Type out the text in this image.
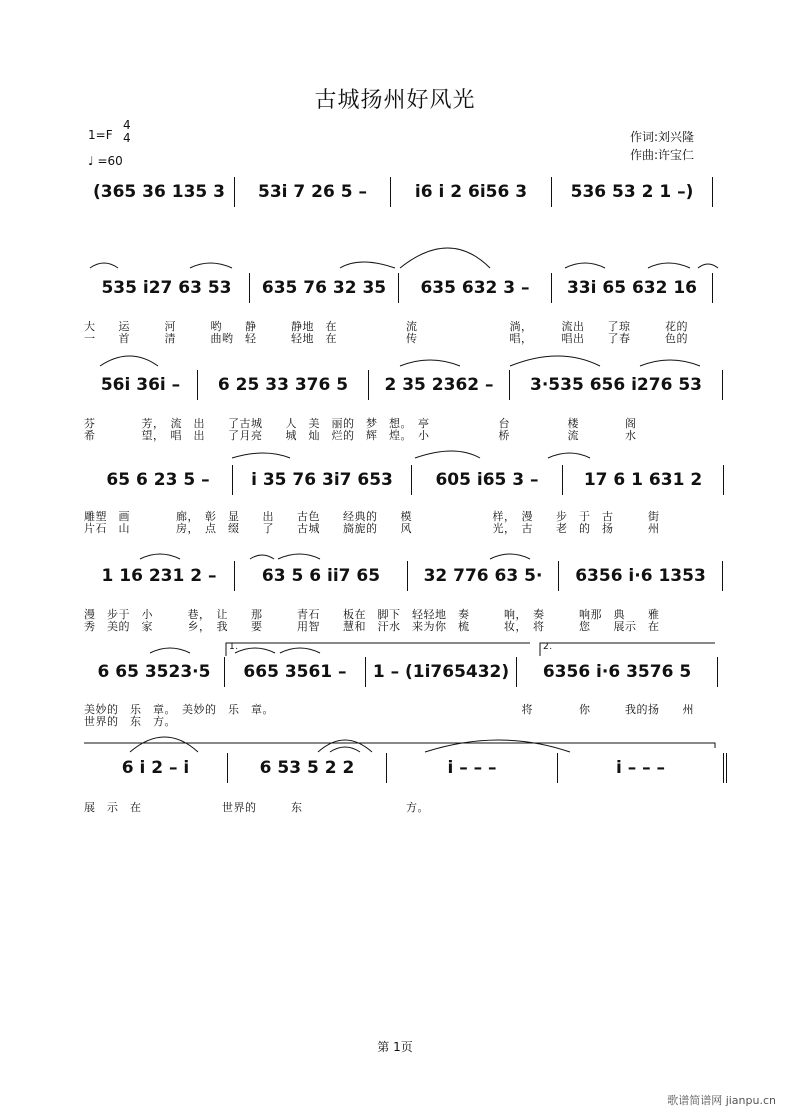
古城扬州好风光
1=F
4
4
♩ =60
作词:刘兴隆
作曲:许宝仁
(365 36 135 3	53i 7 26 5 –	i6 i 2 6i56 3	536 53 2 1 –)
535 i27 63 53	635 76 32 35	635 632 3 –	33i 65 632 16
大　　运　　　河　　　哟　　静　　　静地　在　　　　　　流　　　　　　　　淌，　　　流出　　了琼　　　花的
一　　首　　　清　　　曲哟　轻　　　轻地　在　　　　　　传　　　　　　　　唱，　　　唱出　　了春　　　色的
56i 36i –	6 25 33 376 5	2 35 2362 –	3·535 656 i276 53
芬　　　　芳，　流　出　　了古城　　人　美　丽的　梦　想。　亭　　　　　　台　　　　　楼　　　　阁
希　　　　望，　唱　出　　了月亮　　城　灿　烂的　辉　煌。　小　　　　　　桥　　　　　流　　　　水
65 6 23 5 –	i 35 76 3i7 653	605 i65 3 –	17 6 1 631 2
雕塑　画　　　　廊，　彰　显　　出　　古色　　经典的　　模　　　　　　　样，　漫　　步　于　古　　　街
片石　山　　　　房，　点　缀　　了　　古城　　旖旎的　　风　　　　　　　光，　古　　老　的　扬　　　州
1 16 231 2 –	63 5 6 ii7 65	32 776 63 5·	6356 i·6 1353
漫　步于　小　　　巷，　让　　那　　　青石　　板在　脚下　轻轻地　奏　　　响，　奏　　　响那　典　　雅
秀　美的　家　　　乡，　我　　要　　　用智　　慧和　汗水　来为你　梳　　　妆，　将　　　您　　展示　在
6 65 3523·5	665 3561 –	1 – (1i765432)	6356 i·6 3576 5
美妙的　乐　章。　美妙的　乐　章。　　　　　　　　　　　　　　　　　　　　　　将　　　　你　　　我的扬　　州
世界的　东　方。
1.	2.
6 i 2 – i	6 53 5 2 2	i – – –	i – – –
展　示　在　　　　　　　世界的　　　东　　　　　　　　　方。
第 1页
歌谱简谱网 jianpu.cn
